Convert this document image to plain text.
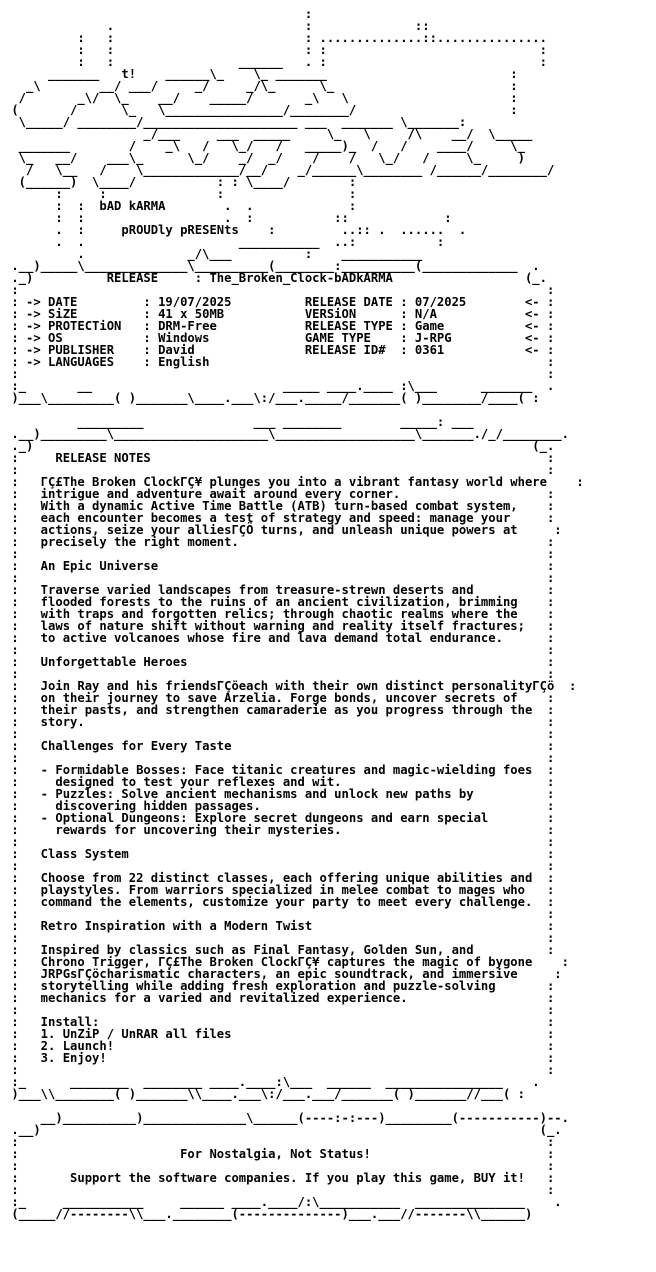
:
.                          :              ::
:   :                          : ..............::...............
:   :                          : :                             :
:   :                 ______   . :                             :
_______   t!    ______\_    \_ _______                         :
_\        __/ ___/     _/     _/\_      \_                        :
/       _\/  \_    __/    _____/       _\   \                      :
(       /      \_   \________________/________/                     :
\_____/ ________/_____________________ ___  _______ \_______:
_/___     ___  _____     \_   \     /\    __/  \_____
_______        /    _\   /   \_/   /   _____)_  /   /    ____/     \_
\_   __/    ___\_      \_/    _/  _/    /    /   \_/   /     \_     )
/   \__   /    \_____________/__/    _/______\________ /______/________/
(______)  \____/           : : \____/        :
:     :               :                 :
:  :  bAD kARMA        .  .             :
:  :                   .  :           ::             :
.  :     pROUDly pRESENts    :         ..:: .  ......  .
.  .                     ___________  ..:           :
.              _/\___          :    ___________
.__)_____\______________\__________(________:__________(_____________  .
._)          RELEASE     : The_Broken_Clock-bADkARMA                  (_.
:                                                                        :
: -> DATE         : 19/07/2025          RELEASE DATE : 07/2025        <- :
: -> SiZE         : 41 x 50MB           VERSiON      : N/A            <- :
: -> PROTECTiON   : DRM-Free            RELEASE TYPE : Game           <- :
: -> OS           : Windows             GAME TYPE    : J-RPG          <- :
: -> PUBLISHER    : David               RELEASE ID#  : 0361           <- :
: -> LANGUAGES    : English                                              :
:                                                                        :
:_       __                          _____ ____.____ :\___      _______  .
)___\_________( )_______\____.___\:/___._____/_______( )________/____( :

_________               ___ ________        _____: ___
.__)_________\_____________________\___________________\_______./_/________.
._)                                                                    (_.
:     RELEASE NOTES                                                      :
:                                                                        :
:   ΓÇ£The Broken ClockΓÇ¥ plunges you into a vibrant fantasy world where    :
:   intrigue and adventure await around every corner.                    :
:   With a dynamic Active Time Battle (ATB) turn-based combat system,    :
:   each encounter becomes a test of strategy and speed: manage your     :
:   actions, seize your alliesΓÇÖ turns, and unleash unique powers at     :
:   precisely the right moment.                                          :
:                                                                        :
:   An Epic Universe                                                     :
:                                                                        :
:   Traverse varied landscapes from treasure-strewn deserts and          :
:   flooded forests to the ruins of an ancient civilization, brimming    :
:   with traps and forgotten relics; through chaotic realms where the    :
:   laws of nature shift without warning and reality itself fractures;   :
:   to active volcanoes whose fire and lava demand total endurance.      :
:                                                                        :
:   Unforgettable Heroes                                                 :
:                                                                        :
:   Join Ray and his friendsΓÇöeach with their own distinct personalityΓÇö  :
:   on their journey to save Arzelia. Forge bonds, uncover secrets of    :
:   their pasts, and strengthen camaraderie as you progress through the  :
:   story.                                                               :
:                                                                        :
:   Challenges for Every Taste                                           :
:                                                                        :
:   - Formidable Bosses: Face titanic creatures and magic-wielding foes  :
:     designed to test your reflexes and wit.                            :
:   - Puzzles: Solve ancient mechanisms and unlock new paths by          :
:     discovering hidden passages.                                       :
:   - Optional Dungeons: Explore secret dungeons and earn special        :
:     rewards for uncovering their mysteries.                            :
:                                                                        :
:   Class System                                                         :
:                                                                        :
:   Choose from 22 distinct classes, each offering unique abilities and  :
:   playstyles. From warriors specialized in melee combat to mages who   :
:   command the elements, customize your party to meet every challenge.  :
:                                                                        :
:   Retro Inspiration with a Modern Twist                                :
:                                                                        :
:   Inspired by classics such as Final Fantasy, Golden Sun, and          :
:   Chrono Trigger, ΓÇ£The Broken ClockΓÇ¥ captures the magic of bygone    :
:   JRPGsΓÇöcharismatic characters, an epic soundtrack, and immersive     :
:   storytelling while adding fresh exploration and puzzle-solving       :
:   mechanics for a varied and revitalized experience.                   :
:                                                                        :
:   Install:                                                             :
:   1. UnZiP / UnRAR all files                                           :
:   2. Launch!                                                           :
:   3. Enjoy!                                                            :
:                                                                        :
:_      ________  ________ ____.____:\___  ______  ________________    .
)___\\________( )_______\\____.___\:/___.___/_______( )_______//___( :

__)__________)______________\______(----:-:---)_________(-----------)--.
.__)                                                                    (_.
:                                                                        :
:                      For Nostalgia, Not Status!                        :
:                                                                        :
:       Support the software companies. If you play this game, BUY it!   :
:                                                                        :
:_     ___________     ______ ____.____/:\___________  _______________    .
(_____//--------\\___.________(--------------)___.___//-------\\______)
